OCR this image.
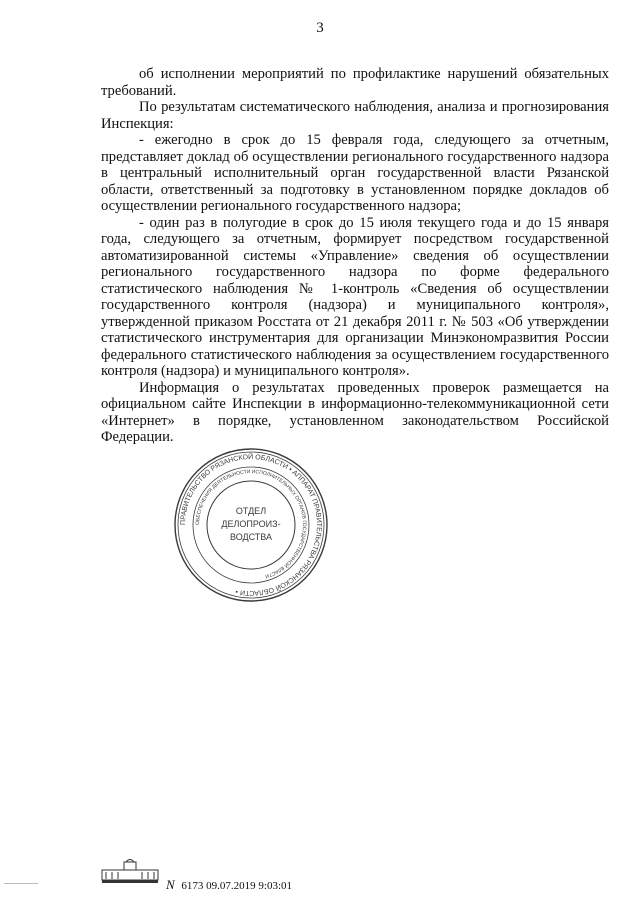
3

об исполнении мероприятий по профилактике нарушений обязательных требований.

По результатам систематического наблюдения, анализа и прогнозирования Инспекция:

- ежегодно в срок до 15 февраля года, следующего за отчетным, представляет доклад об осуществлении регионального государственного надзора в центральный исполнительный орган государственной власти Рязанской области, ответственный за подготовку в установленном порядке докладов об осуществлении регионального государственного надзора;

- один раз в полугодие в срок до 15 июля текущего года и до 15 января года, следующего за отчетным, формирует посредством государственной автоматизированной системы «Управление» сведения об осуществлении регионального государственного надзора по форме федерального статистического наблюдения № 1-контроль «Сведения об осуществлении государственного контроля (надзора) и муниципального контроля», утвержденной приказом Росстата от 21 декабря 2011 г. № 503 «Об утверждении статистического инструментария для организации Минэкономразвития России федерального статистического наблюдения за осуществлением государственного контроля (надзора) и муниципального контроля».

Информация о результатах проведенных проверок размещается на официальном сайте Инспекции в информационно-телекоммуникационной сети «Интернет» в порядке, установленном законодательством Российской Федерации.

ПРАВИТЕЛЬСТВО РЯЗАНСКОЙ ОБЛАСТИ • АППАРАТ ПРАВИТЕЛЬСТВА РЯЗАНСКОЙ ОБЛАСТИ •
ОБЕСПЕЧЕНИЯ ДЕЯТЕЛЬНОСТИ ИСПОЛНИТЕЛЬНЫХ ОРГАНОВ ГОСУДАРСТВЕННОЙ ВЛАСТИ
ОТДЕЛ
ДЕЛОПРОИЗ-
ВОДСТВА
N 6173 09.07.2019 9:03:01
